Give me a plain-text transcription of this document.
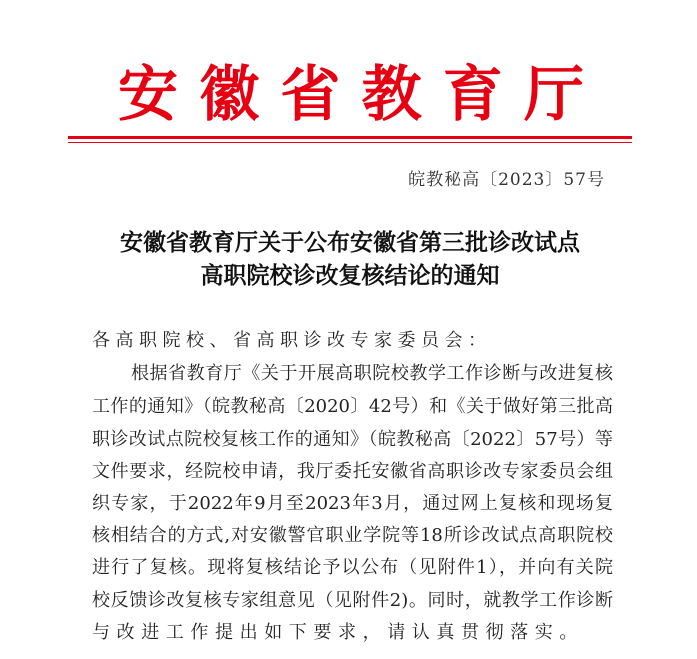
安徽省教育厅
皖教秘高〔2023〕57号
安徽省教育厅关于公布安徽省第三批诊改试点
高职院校诊改复核结论的通知
各高职院校、省高职诊改专家委员会：
根据省教育厅《关于开展高职院校教学工作诊断与改进复核
工作的通知》（皖教秘高〔2020〕42号）和《关于做好第三批高
职诊改试点院校复核工作的通知》（皖教秘高〔2022〕57号）等
文件要求，经院校申请，我厅委托安徽省高职诊改专家委员会组
织专家，于2022年9月至2023年3月，通过网上复核和现场复
核相结合的方式,对安徽警官职业学院等18所诊改试点高职院校
进行了复核。现将复核结论予以公布（见附件1），并向有关院
校反馈诊改复核专家组意见（见附件2)。同时，就教学工作诊断
与改进工作提出如下要求，请认真贯彻落实。
